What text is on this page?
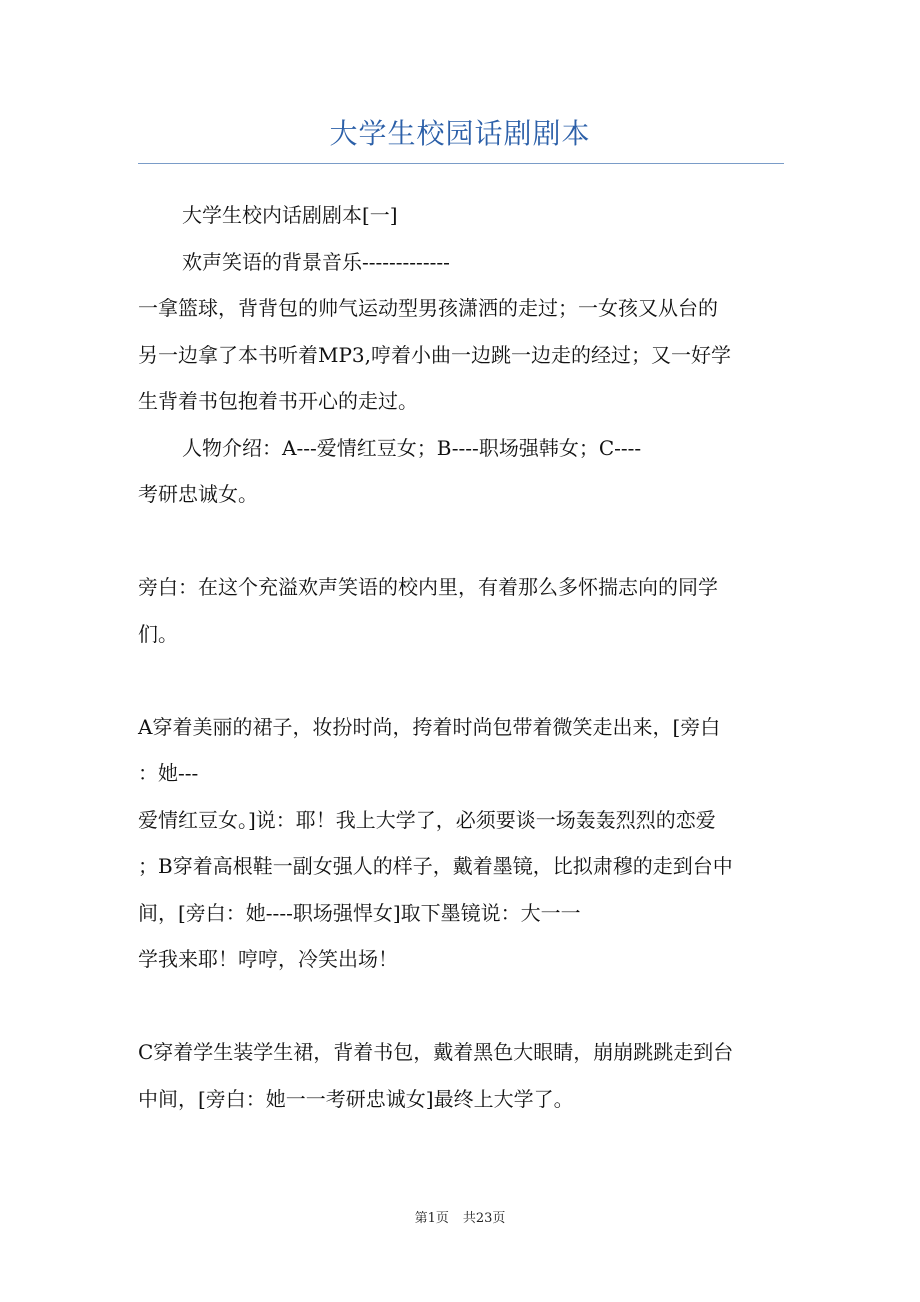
大学生校园话剧剧本

大学生校内话剧剧本[一]

欢声笑语的背景音乐-------------

一拿篮球，背背包的帅气运动型男孩潇洒的走过；一女孩又从台的

另一边拿了本书听着MP3,哼着小曲一边跳一边走的经过；又一好学

生背着书包抱着书开心的走过。

人物介绍：A---爱情红豆女；B----职场强韩女；C----

考研忠诚女。

旁白：在这个充溢欢声笑语的校内里，有着那么多怀揣志向的同学

们。

A穿着美丽的裙子，妆扮时尚，挎着时尚包带着微笑走出来，[旁白

：她---

爱情红豆女。]说：耶！我上大学了，必须要谈一场轰轰烈烈的恋爱

；B穿着高根鞋一副女强人的样子，戴着墨镜，比拟肃穆的走到台中

间，[旁白：她----职场强悍女]取下墨镜说：大一一

学我来耶！哼哼，冷笑出场！

C穿着学生装学生裙，背着书包，戴着黑色大眼睛，崩崩跳跳走到台

中间，[旁白：她一一考研忠诚女]最终上大学了。

第1页 共23页
